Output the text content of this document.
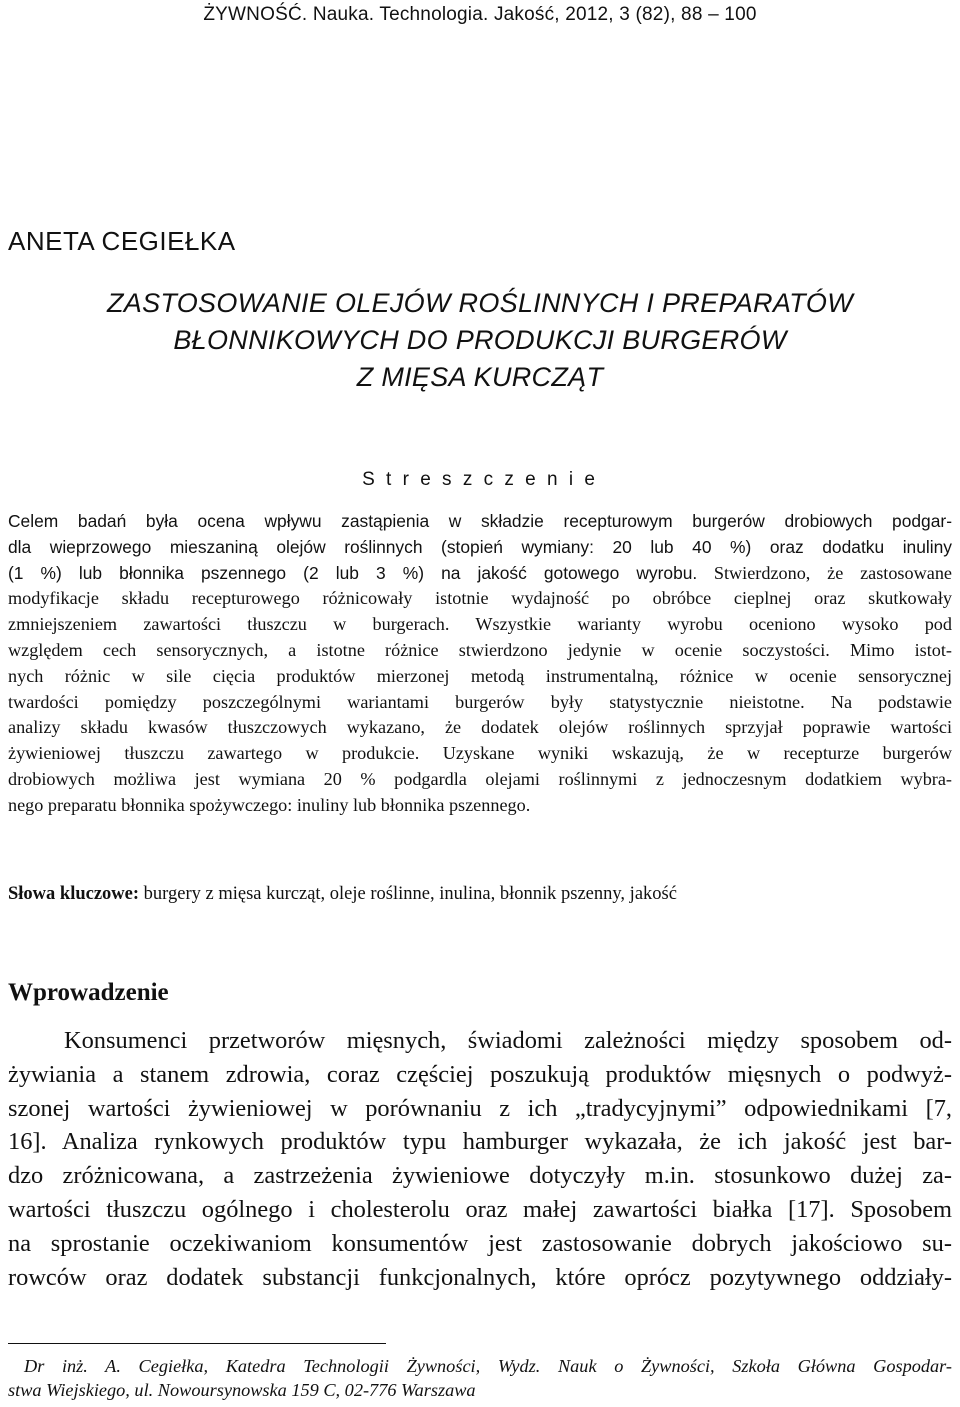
ŻYWNOŚĆ. Nauka. Technologia. Jakość, 2012, 3 (82), 88 – 100
ANETA CEGIEŁKA
ZASTOSOWANIE OLEJÓW ROŚLINNYCH I PREPARATÓW
BŁONNIKOWYCH DO PRODUKCJI BURGERÓW
Z MIĘSA KURCZĄT
S t r e s z c z e n i e
Celem badań była ocena wpływu zastąpienia w składzie recepturowym burgerów drobiowych podgar-
dla wieprzowego mieszaniną olejów roślinnych (stopień wymiany: 20 lub 40 %) oraz dodatku inuliny
(1 %) lub błonnika pszennego (2 lub 3 %) na jakość gotowego wyrobu. Stwierdzono, że zastosowane
modyfikacje składu recepturowego różnicowały istotnie wydajność po obróbce cieplnej oraz skutkowały
zmniejszeniem zawartości tłuszczu w burgerach. Wszystkie warianty wyrobu oceniono wysoko pod
względem cech sensorycznych, a istotne różnice stwierdzono jedynie w ocenie soczystości. Mimo istot-
nych różnic w sile cięcia produktów mierzonej metodą instrumentalną, różnice w ocenie sensorycznej
twardości pomiędzy poszczególnymi wariantami burgerów były statystycznie nieistotne. Na podstawie
analizy składu kwasów tłuszczowych wykazano, że dodatek olejów roślinnych sprzyjał poprawie wartości
żywieniowej tłuszczu zawartego w produkcie. Uzyskane wyniki wskazują, że w recepturze burgerów
drobiowych możliwa jest wymiana 20 % podgardla olejami roślinnymi z jednoczesnym dodatkiem wybra-
nego preparatu błonnika spożywczego: inuliny lub błonnika pszennego.
Słowa kluczowe: burgery z mięsa kurcząt, oleje roślinne, inulina, błonnik pszenny, jakość
Wprowadzenie
Konsumenci przetworów mięsnych, świadomi zależności między sposobem od-
żywiania a stanem zdrowia, coraz częściej poszukują produktów mięsnych o podwyż-
szonej wartości żywieniowej w porównaniu z ich „tradycyjnymi” odpowiednikami [7,
16]. Analiza rynkowych produktów typu hamburger wykazała, że ich jakość jest bar-
dzo zróżnicowana, a zastrzeżenia żywieniowe dotyczyły m.in. stosunkowo dużej za-
wartości tłuszczu ogólnego i cholesterolu oraz małej zawartości białka [17]. Sposobem
na sprostanie oczekiwaniom konsumentów jest zastosowanie dobrych jakościowo su-
rowców oraz dodatek substancji funkcjonalnych, które oprócz pozytywnego oddziały-
Dr inż. A. Cegiełka, Katedra Technologii Żywności, Wydz. Nauk o Żywności, Szkoła Główna Gospodar-
stwa Wiejskiego, ul. Nowoursynowska 159 C, 02-776 Warszawa
